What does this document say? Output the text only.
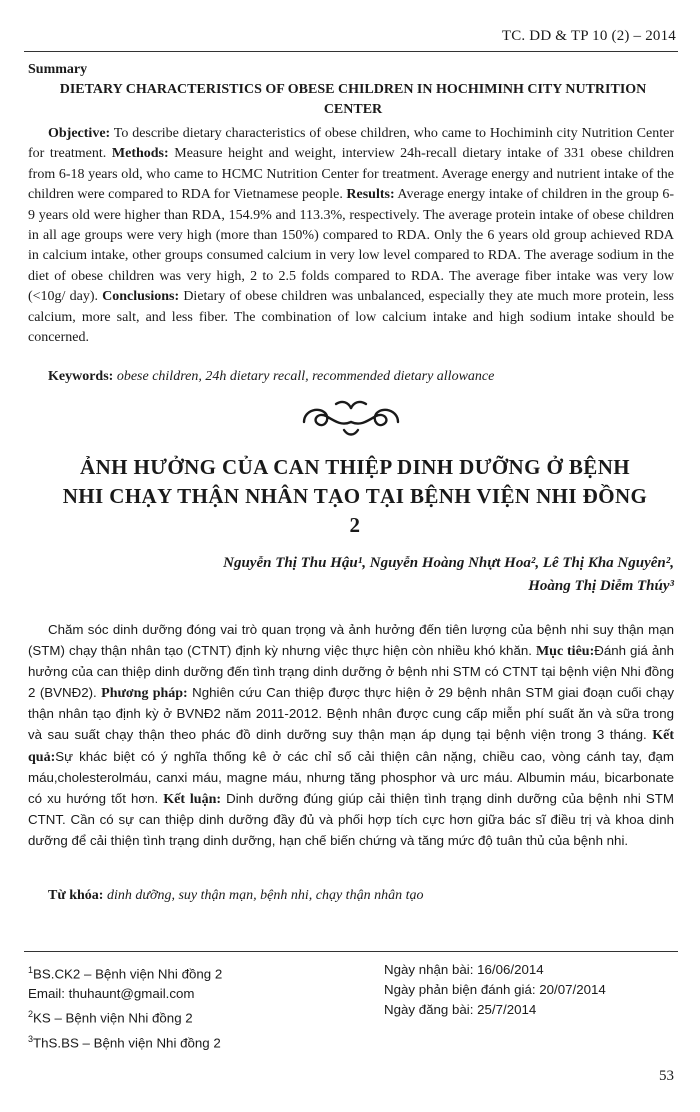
TC. DD & TP 10 (2) – 2014
Summary
DIETARY CHARACTERISTICS OF OBESE CHILDREN IN HOCHIMINH CITY NUTRITION CENTER

Objective: To describe dietary characteristics of obese children, who came to Hochiminh city Nutrition Center for treatment. Methods: Measure height and weight, interview 24h-recall dietary intake of 331 obese children from 6-18 years old, who came to HCMC Nutrition Center for treatment. Average energy and nutrient intake of the children were compared to RDA for Vietnamese people. Results: Average energy intake of children in the group 6-9 years old were higher than RDA, 154.9% and 113.3%, respectively. The average protein intake of obese children in all age groups were very high (more than 150%) compared to RDA. Only the 6 years old group achieved RDA in calcium intake, other groups consumed calcium in very low level compared to RDA. The average sodium in the diet of obese children was very high, 2 to 2.5 folds compared to RDA. The average fiber intake was very low (<10g/ day). Conclusions: Dietary of obese children was unbalanced, especially they ate much more protein, less calcium, more salt, and less fiber. The combination of low calcium intake and high sodium intake should be concerned.

Keywords: obese children, 24h dietary recall, recommended dietary allowance
ẢNH HƯỞNG CỦA CAN THIỆP DINH DƯỠNG Ở BỆNH NHI CHẠY THẬN NHÂN TẠO TẠI BỆNH VIỆN NHI ĐỒNG 2
Nguyễn Thị Thu Hậu¹, Nguyễn Hoàng Nhựt Hoa², Lê Thị Kha Nguyên²,
Hoàng Thị Diễm Thúy³

Chăm sóc dinh dưỡng đóng vai trò quan trọng và ảnh hưởng đến tiên lượng của bệnh nhi suy thận mạn (STM) chạy thận nhân tạo (CTNT) định kỳ nhưng việc thực hiện còn nhiều khó khăn. Mục tiêu:Đánh giá ảnh hưởng của can thiệp dinh dưỡng đến tình trạng dinh dưỡng ở bệnh nhi STM có CTNT tại bệnh viện Nhi đồng 2 (BVNĐ2). Phương pháp: Nghiên cứu Can thiệp được thực hiện ở 29 bệnh nhân STM giai đoạn cuối chạy thận nhân tạo định kỳ ở BVNĐ2 năm 2011-2012. Bệnh nhân được cung cấp miễn phí suất ăn và sữa trong và sau suất chạy thận theo phác đồ dinh dưỡng suy thận mạn áp dụng tại bệnh viện trong 3 tháng. Kết quả:Sự khác biệt có ý nghĩa thống kê ở các chỉ số cải thiện cân nặng, chiều cao, vòng cánh tay, đạm máu,cholesterolmáu, canxi máu, magne máu, nhưng tăng phosphor và urc máu. Albumin máu, bicarbonate có xu hướng tốt hơn. Kết luận: Dinh dưỡng đúng giúp cải thiện tình trạng dinh dưỡng của bệnh nhi STM CTNT. Cần có sự can thiệp dinh dưỡng đầy đủ và phối hợp tích cực hơn giữa bác sĩ điều trị và khoa dinh dưỡng để cải thiện tình trạng dinh dưỡng, hạn chế biến chứng và tăng mức độ tuân thủ của bệnh nhi.

Từ khóa: dinh dưỡng, suy thận mạn, bệnh nhi, chạy thận nhân tạo
$^1$BS.CK2 – Bệnh viện Nhi đồng 2
Email: thuhaunt@gmail.com
$^2$KS – Bệnh viện Nhi đồng 2
$^3$ThS.BS – Bệnh viện Nhi đồng 2
Ngày nhận bài: 16/06/2014
Ngày phản biện đánh giá: 20/07/2014
Ngày đăng bài: 25/7/2014
53
